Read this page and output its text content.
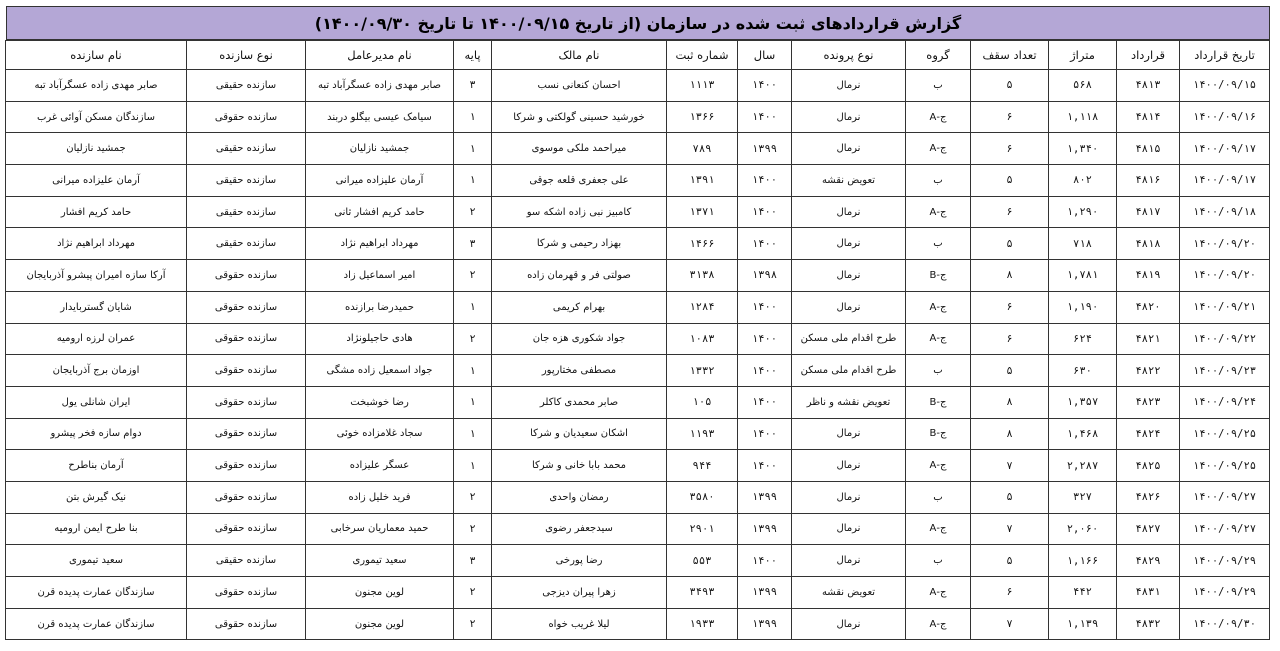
گزارش قراردادهای ثبت شده در سازمان (از تاریخ ۱۴۰۰/۰۹/۱۵ تا تاریخ ۱۴۰۰/۰۹/۳۰)
تاریخ قرارداد	قرارداد	متراژ	تعداد سقف	گروه	نوع پرونده	سال	شماره ثبت	نام مالک	پایه	نام مدیرعامل	نوع سازنده	نام سازنده
۱۴۰۰/۰۹/۱۵	۴۸۱۳	۵۶۸	۵	ب	نرمال	۱۴۰۰	۱۱۱۳	احسان کنعانی نسب	۳	صابر مهدی زاده عسگرآباد تبه	سازنده حقیقی	صابر مهدی زاده عسگرآباد تبه
۱۴۰۰/۰۹/۱۶	۴۸۱۴	۱,۱۱۸	۶	ج-A	نرمال	۱۴۰۰	۱۳۶۶	خورشید حسینی گولکتی و شرکا	۱	سیامک عیسی بیگلو دربند	سازنده حقوقی	سازندگان مسکن آوائی غرب
۱۴۰۰/۰۹/۱۷	۴۸۱۵	۱,۳۴۰	۶	ج-A	نرمال	۱۳۹۹	۷۸۹	میراحمد ملکی موسوی	۱	جمشید نازلیان	سازنده حقیقی	جمشید نازلیان
۱۴۰۰/۰۹/۱۷	۴۸۱۶	۸۰۲	۵	ب	تعویض نقشه	۱۴۰۰	۱۳۹۱	علی جعفری قلعه جوقی	۱	آرمان علیزاده میرانی	سازنده حقیقی	آرمان علیزاده میرانی
۱۴۰۰/۰۹/۱۸	۴۸۱۷	۱,۲۹۰	۶	ج-A	نرمال	۱۴۰۰	۱۳۷۱	کامبیز نبی زاده اشکه سو	۲	حامد کریم افشار ثانی	سازنده حقیقی	حامد کریم افشار
۱۴۰۰/۰۹/۲۰	۴۸۱۸	۷۱۸	۵	ب	نرمال	۱۴۰۰	۱۴۶۶	بهزاد رحیمی و شرکا	۳	مهرداد ابراهیم نژاد	سازنده حقیقی	مهرداد ابراهیم نژاد
۱۴۰۰/۰۹/۲۰	۴۸۱۹	۱,۷۸۱	۸	ج-B	نرمال	۱۳۹۸	۳۱۳۸	صولتی فر و قهرمان زاده	۲	امیر اسماعیل زاد	سازنده حقوقی	آرکا سازه امیران پیشرو آذربایجان
۱۴۰۰/۰۹/۲۱	۴۸۲۰	۱,۱۹۰	۶	ج-A	نرمال	۱۴۰۰	۱۲۸۴	بهرام کریمی	۱	حمیدرضا برازنده	سازنده حقوقی	شایان گستربایدار
۱۴۰۰/۰۹/۲۲	۴۸۲۱	۶۲۴	۶	ج-A	طرح اقدام ملی مسکن	۱۴۰۰	۱۰۸۳	جواد شکوری هزه جان	۲	هادی حاجیلونژاد	سازنده حقوقی	عمران لرزه ارومیه
۱۴۰۰/۰۹/۲۳	۴۸۲۲	۶۳۰	۵	ب	طرح اقدام ملی مسکن	۱۴۰۰	۱۳۳۲	مصطفی مختارپور	۱	جواد اسمعیل زاده مشگی	سازنده حقوقی	اوزمان برج آذربایجان
۱۴۰۰/۰۹/۲۴	۴۸۲۳	۱,۳۵۷	۸	ج-B	تعویض نقشه و ناظر	۱۴۰۰	۱۰۵	صابر محمدی کاکلر	۱	رضا خوشبخت	سازنده حقوقی	ایران شانلی یول
۱۴۰۰/۰۹/۲۵	۴۸۲۴	۱,۴۶۸	۸	ج-B	نرمال	۱۴۰۰	۱۱۹۳	اشکان سعیدیان و شرکا	۱	سجاد غلامزاده خوئی	سازنده حقوقی	دوام سازه فخر پیشرو
۱۴۰۰/۰۹/۲۵	۴۸۲۵	۲,۲۸۷	۷	ج-A	نرمال	۱۴۰۰	۹۴۴	محمد بابا خانی و شرکا	۱	عسگر علیزاده	سازنده حقوقی	آرمان بناطرح
۱۴۰۰/۰۹/۲۷	۴۸۲۶	۳۲۷	۵	ب	نرمال	۱۳۹۹	۳۵۸۰	رمضان واحدی	۲	فرید خلیل زاده	سازنده حقوقی	نیک گیرش بتن
۱۴۰۰/۰۹/۲۷	۴۸۲۷	۲,۰۶۰	۷	ج-A	نرمال	۱۳۹۹	۲۹۰۱	سیدجعفر رضوی	۲	حمید معماریان سرخابی	سازنده حقوقی	بنا طرح ایمن ارومیه
۱۴۰۰/۰۹/۲۹	۴۸۲۹	۱,۱۶۶	۵	ب	نرمال	۱۴۰۰	۵۵۳	رضا پورخی	۳	سعید تیموری	سازنده حقیقی	سعید تیموری
۱۴۰۰/۰۹/۲۹	۴۸۳۱	۴۴۲	۶	ج-A	تعویض نقشه	۱۳۹۹	۳۴۹۳	زهرا پیران دیزجی	۲	لوین مجنون	سازنده حقوقی	سازندگان عمارت پدیده قرن
۱۴۰۰/۰۹/۳۰	۴۸۳۲	۱,۱۳۹	۷	ج-A	نرمال	۱۳۹۹	۱۹۳۳	لیلا غریب خواه	۲	لوین مجنون	سازنده حقوقی	سازندگان عمارت پدیده قرن
